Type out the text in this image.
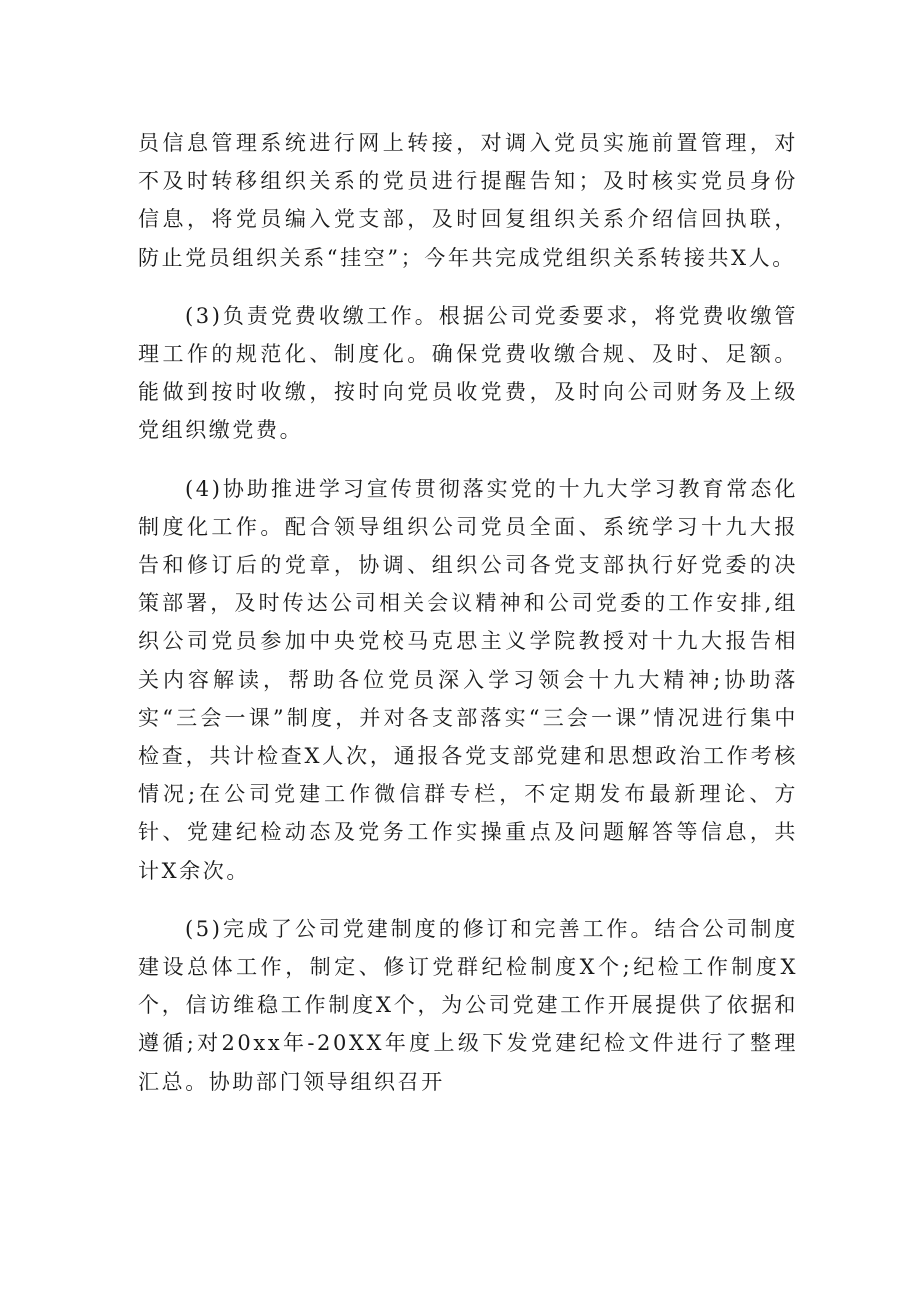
员信息管理系统进行网上转接，对调入党员实施前置管理，对不及时转移组织关系的党员进行提醒告知；及时核实党员身份信息，将党员编入党支部，及时回复组织关系介绍信回执联，防止党员组织关系“挂空”；今年共完成党组织关系转接共X人。

(3)负责党费收缴工作。根据公司党委要求，将党费收缴管理工作的规范化、制度化。确保党费收缴合规、及时、足额。能做到按时收缴，按时向党员收党费，及时向公司财务及上级党组织缴党费。

(4)协助推进学习宣传贯彻落实党的十九大学习教育常态化制度化工作。配合领导组织公司党员全面、系统学习十九大报告和修订后的党章，协调、组织公司各党支部执行好党委的决策部署，及时传达公司相关会议精神和公司党委的工作安排,组织公司党员参加中央党校马克思主义学院教授对十九大报告相关内容解读，帮助各位党员深入学习领会十九大精神;协助落实“三会一课”制度，并对各支部落实“三会一课”情况进行集中检查，共计检查X人次，通报各党支部党建和思想政治工作考核情况;在公司党建工作微信群专栏，不定期发布最新理论、方针、党建纪检动态及党务工作实操重点及问题解答等信息，共计X余次。

(5)完成了公司党建制度的修订和完善工作。结合公司制度建设总体工作，制定、修订党群纪检制度X个;纪检工作制度X个，信访维稳工作制度X个，为公司党建工作开展提供了依据和遵循;对20xx年-20XX年度上级下发党建纪检文件进行了整理汇总。协助部门领导组织召开
